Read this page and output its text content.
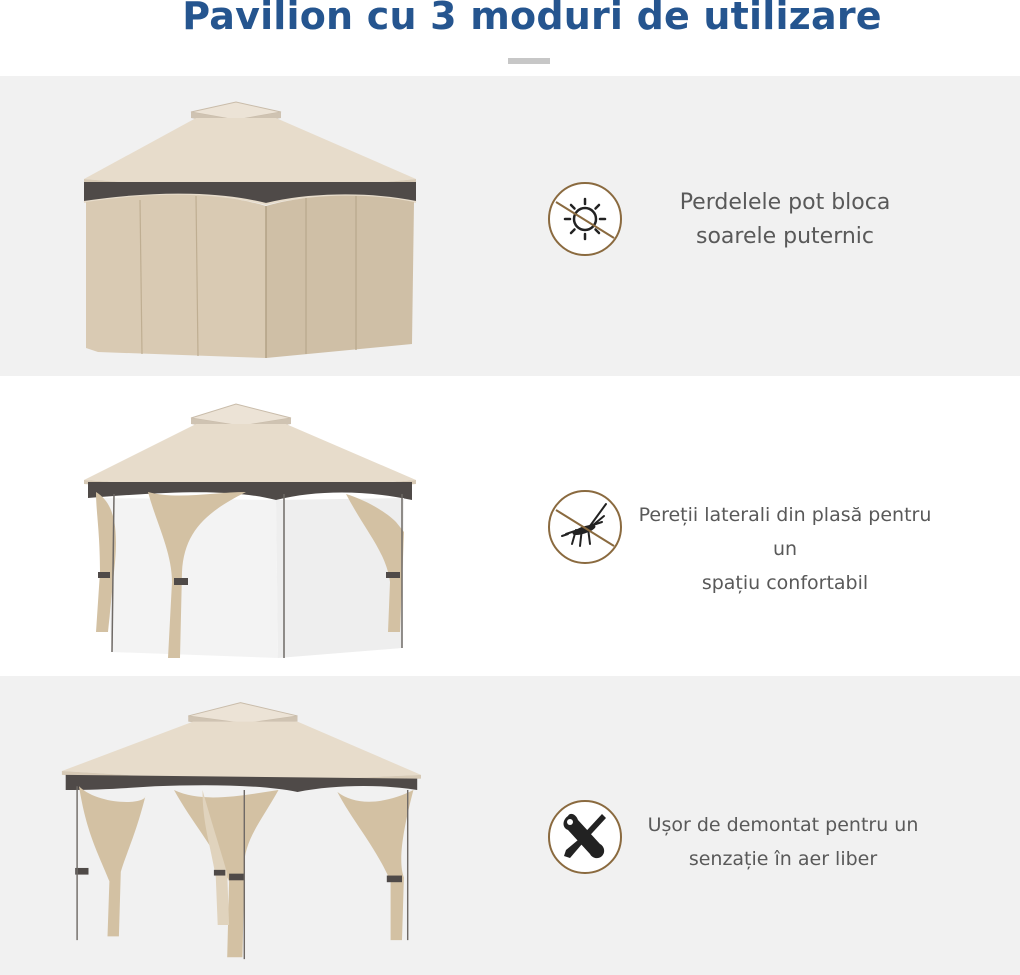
Pavilion cu 3 moduri de utilizare
Perdelele pot bloca
soarele puternic
Pereții laterali din plasă pentru un
spațiu confortabil
Ușor de demontat pentru un
senzație în aer liber
